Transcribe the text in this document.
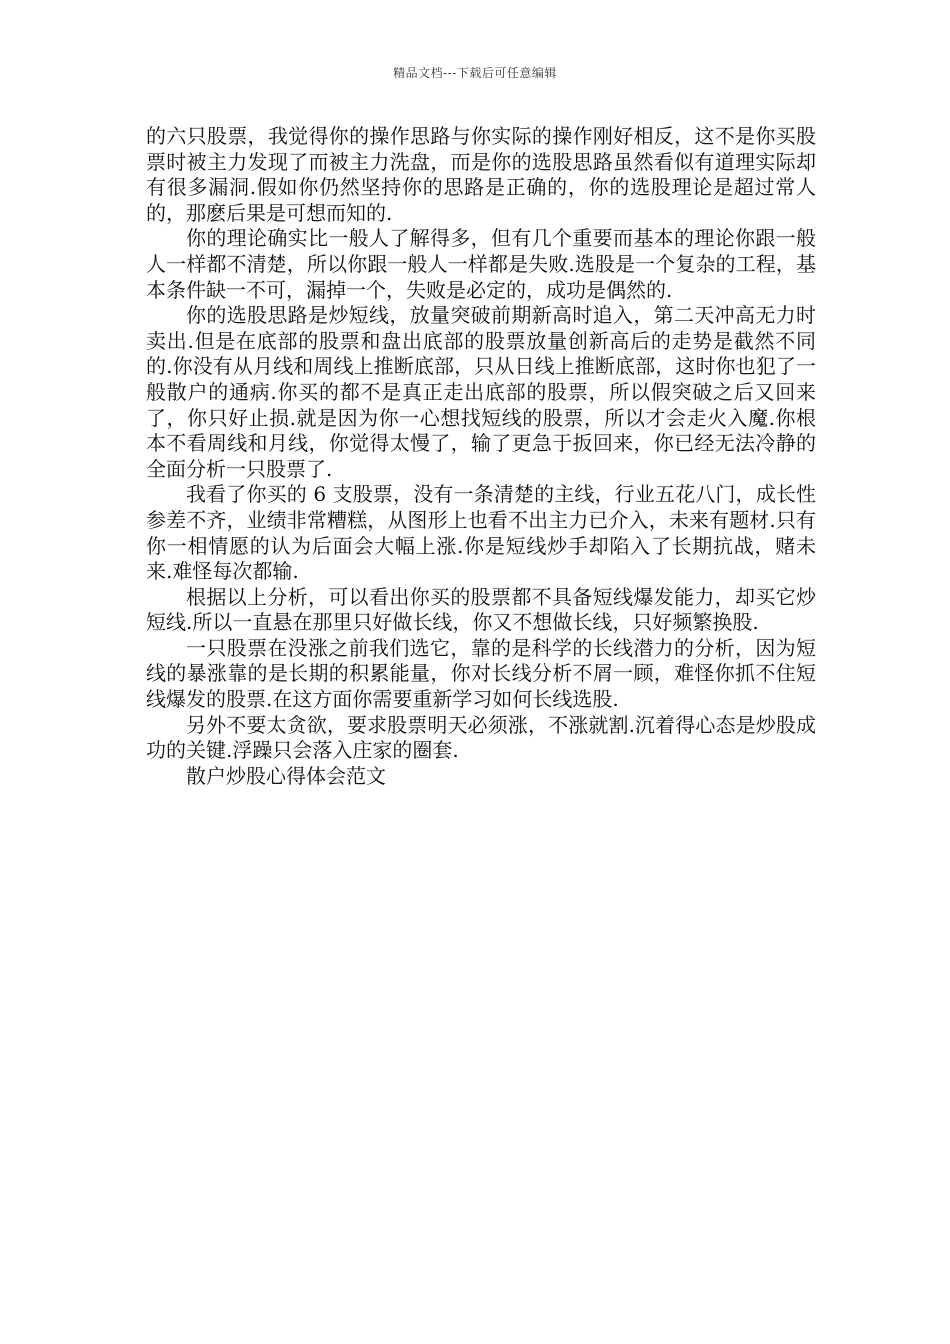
精品文档---下载后可任意编辑

的六只股票，我觉得你的操作思路与你实际的操作刚好相反，这不是你买股票时被主力发现了而被主力洗盘，而是你的选股思路虽然看似有道理实际却有很多漏洞.假如你仍然坚持你的思路是正确的，你的选股理论是超过常人的，那麽后果是可想而知的.

你的理论确实比一般人了解得多，但有几个重要而基本的理论你跟一般人一样都不清楚，所以你跟一般人一样都是失败.选股是一个复杂的工程，基本条件缺一不可，漏掉一个，失败是必定的，成功是偶然的.

你的选股思路是炒短线，放量突破前期新高时追入，第二天冲高无力时卖出.但是在底部的股票和盘出底部的股票放量创新高后的走势是截然不同的.你没有从月线和周线上推断底部，只从日线上推断底部，这时你也犯了一般散户的通病.你买的都不是真正走出底部的股票，所以假突破之后又回来了，你只好止损.就是因为你一心想找短线的股票，所以才会走火入魔.你根本不看周线和月线，你觉得太慢了，输了更急于扳回来，你已经无法冷静的全面分析一只股票了.

我看了你买的 6 支股票，没有一条清楚的主线，行业五花八门，成长性参差不齐，业绩非常糟糕，从图形上也看不出主力已介入，未来有题材.只有你一相情愿的认为后面会大幅上涨.你是短线炒手却陷入了长期抗战，赌未来.难怪每次都输.

根据以上分析，可以看出你买的股票都不具备短线爆发能力，却买它炒短线.所以一直悬在那里只好做长线，你又不想做长线，只好频繁换股.

一只股票在没涨之前我们选它，靠的是科学的长线潜力的分析，因为短线的暴涨靠的是长期的积累能量，你对长线分析不屑一顾，难怪你抓不住短线爆发的股票.在这方面你需要重新学习如何长线选股.

另外不要太贪欲，要求股票明天必须涨，不涨就割.沉着得心态是炒股成功的关键.浮躁只会落入庄家的圈套.

散户炒股心得体会范文
